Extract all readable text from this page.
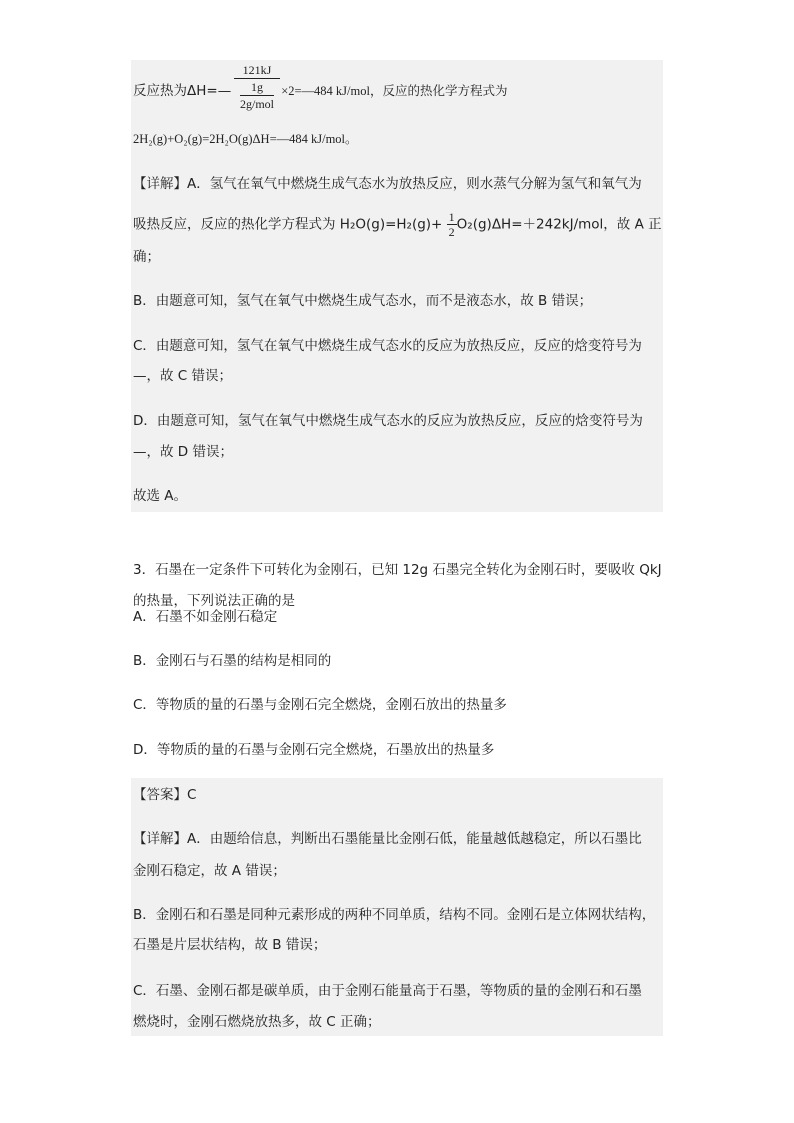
反应热为ΔH=—	×2=—484 kJ/mol，反应的热化学方程式为
121kJ
1g
2g/mol
2H₂(g)+O₂(g)=2H₂O(g)ΔH=—484 kJ/mol。
【详解】A．氢气在氧气中燃烧生成气态水为放热反应，则水蒸气分解为氢气和氧气为
吸热反应，反应的热化学方程式为 $H_2O(g)=H_2(g)+ \frac{1}{2} O_2(g)\Delta H=+242kJ/mol$，故 A 正
确；
B．由题意可知，氢气在氧气中燃烧生成气态水，而不是液态水，故 B 错误；
C．由题意可知，氢气在氧气中燃烧生成气态水的反应为放热反应，反应的焓变符号为
—，故 C 错误；
D．由题意可知，氢气在氧气中燃烧生成气态水的反应为放热反应，反应的焓变符号为
—，故 D 错误；
故选 A。
3．石墨在一定条件下可转化为金刚石，已知 12g 石墨完全转化为金刚石时，要吸收 QkJ
的热量，下列说法正确的是
A．石墨不如金刚石稳定
B．金刚石与石墨的结构是相同的
C．等物质的量的石墨与金刚石完全燃烧，金刚石放出的热量多
D．等物质的量的石墨与金刚石完全燃烧，石墨放出的热量多
【答案】C
【详解】A．由题给信息，判断出石墨能量比金刚石低，能量越低越稳定，所以石墨比
金刚石稳定，故 A 错误；
B．金刚石和石墨是同种元素形成的两种不同单质，结构不同。金刚石是立体网状结构，
石墨是片层状结构，故 B 错误；
C．石墨、金刚石都是碳单质，由于金刚石能量高于石墨，等物质的量的金刚石和石墨
燃烧时，金刚石燃烧放热多，故 C 正确；
